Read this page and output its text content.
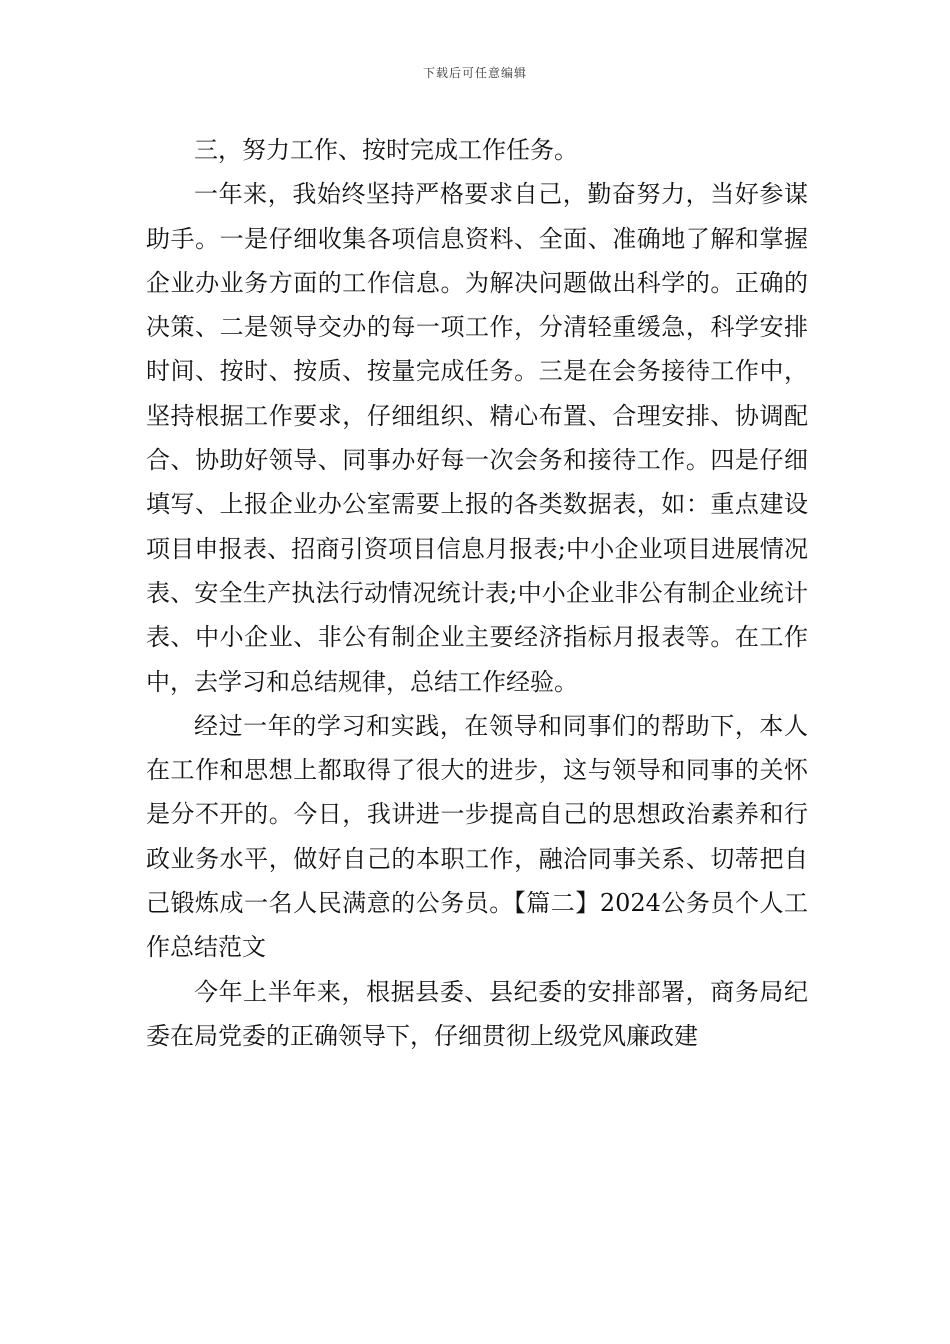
下载后可任意编辑

三，努力工作、按时完成工作任务。

一年来，我始终坚持严格要求自己，勤奋努力，当好参谋助手。一是仔细收集各项信息资料、全面、准确地了解和掌握企业办业务方面的工作信息。为解决问题做出科学的。正确的决策、二是领导交办的每一项工作，分清轻重缓急，科学安排时间、按时、按质、按量完成任务。三是在会务接待工作中，坚持根据工作要求，仔细组织、精心布置、合理安排、协调配合、协助好领导、同事办好每一次会务和接待工作。四是仔细填写、上报企业办公室需要上报的各类数据表，如：重点建设项目申报表、招商引资项目信息月报表;中小企业项目进展情况表、安全生产执法行动情况统计表;中小企业非公有制企业统计表、中小企业、非公有制企业主要经济指标月报表等。在工作中，去学习和总结规律，总结工作经验。

经过一年的学习和实践，在领导和同事们的帮助下，本人在工作和思想上都取得了很大的进步，这与领导和同事的关怀是分不开的。今日，我讲进一步提高自己的思想政治素养和行政业务水平，做好自己的本职工作，融洽同事关系、切蒂把自己锻炼成一名人民满意的公务员。【篇二】2024公务员个人工作总结范文

今年上半年来，根据县委、县纪委的安排部署，商务局纪委在局党委的正确领导下，仔细贯彻上级党风廉政建
